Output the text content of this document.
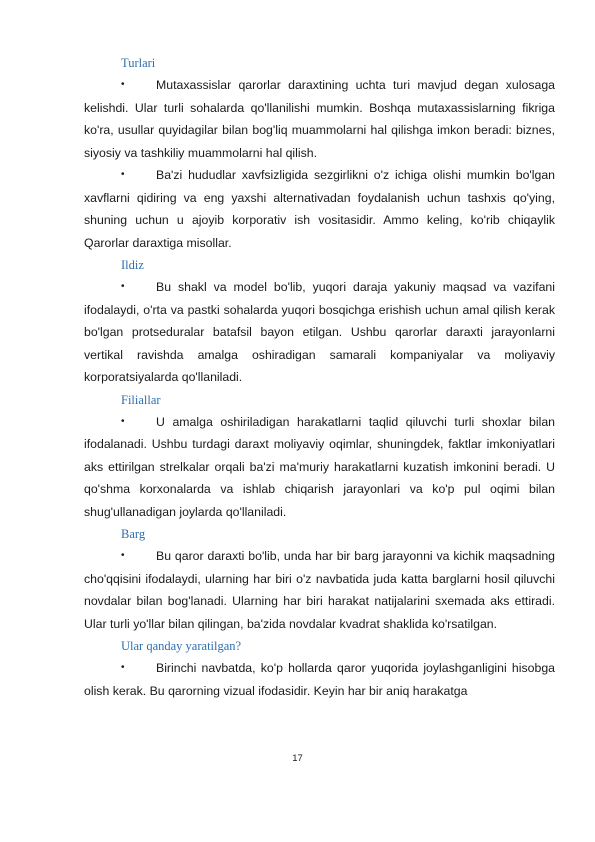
Turlari
•	Mutaxassislar qarorlar daraxtining uchta turi mavjud degan xulosaga kelishdi. Ular turli sohalarda qo'llanilishi mumkin. Boshqa mutaxassislarning fikriga ko'ra, usullar quyidagilar bilan bog'liq muammolarni hal qilishga imkon beradi: biznes, siyosiy va tashkiliy muammolarni hal qilish.
•	Ba'zi hududlar xavfsizligida sezgirlikni o'z ichiga olishi mumkin bo'lgan xavflarni qidiring va eng yaxshi alternativadan foydalanish uchun tashxis qo'ying, shuning uchun u ajoyib korporativ ish vositasidir. Ammo keling, ko'rib chiqaylik Qarorlar daraxtiga misollar.
Ildiz
•	Bu shakl va model bo'lib, yuqori daraja yakuniy maqsad va vazifani ifodalaydi, o'rta va pastki sohalarda yuqori bosqichga erishish uchun amal qilish kerak bo'lgan protseduralar batafsil bayon etilgan. Ushbu qarorlar daraxti jarayonlarni vertikal ravishda amalga oshiradigan samarali kompaniyalar va moliyaviy korporatsiyalarda qo'llaniladi.
Filiallar
•	U amalga oshiriladigan harakatlarni taqlid qiluvchi turli shoxlar bilan ifodalanadi. Ushbu turdagi daraxt moliyaviy oqimlar, shuningdek, faktlar imkoniyatlari aks ettirilgan strelkalar orqali ba'zi ma'muriy harakatlarni kuzatish imkonini beradi. U qo'shma korxonalarda va ishlab chiqarish jarayonlari va ko'p pul oqimi bilan shug'ullanadigan joylarda qo'llaniladi.
Barg
•	Bu qaror daraxti bo'lib, unda har bir barg jarayonni va kichik maqsadning cho'qqisini ifodalaydi, ularning har biri o'z navbatida juda katta barglarni hosil qiluvchi novdalar bilan bog'lanadi. Ularning har biri harakat natijalarini sxemada aks ettiradi. Ular turli yo'llar bilan qilingan, ba'zida novdalar kvadrat shaklida ko'rsatilgan.
Ular qanday yaratilgan?
•	Birinchi navbatda, ko'p hollarda qaror yuqorida joylashganligini hisobga olish kerak. Bu qarorning vizual ifodasidir. Keyin har bir aniq harakatga
17
